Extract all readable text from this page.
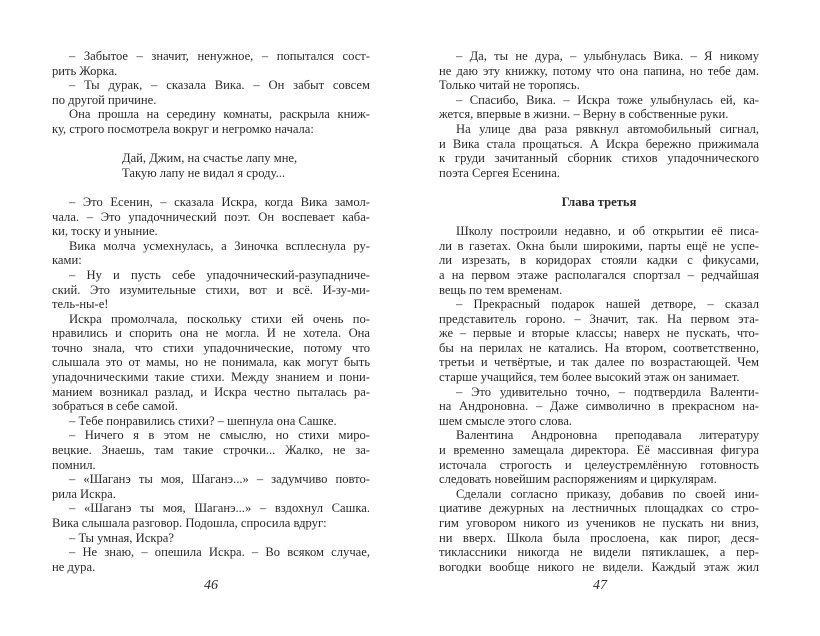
– Забытое – значит, ненужное, – попытался сост-
рить Жорка.
– Ты дурак, – сказала Вика. – Он забыт совсем
по другой причине.
Она прошла на середину комнаты, раскрыла книж-
ку, строго посмотрела вокруг и негромко начала:
Дай, Джим, на счастье лапу мне,
Такую лапу не видал я сроду...
– Это Есенин, – сказала Искра, когда Вика замол-
чала. – Это упадочнический поэт. Он воспевает каба-
ки, тоску и уныние.
Вика молча усмехнулась, а Зиночка всплеснула ру-
ками:
– Ну и пусть себе упадочнический-разупадниче-
ский. Это изумительные стихи, вот и всё. И-зу-ми-
тель-ны-е!
Искра промолчала, поскольку стихи ей очень по-
нравились и спорить она не могла. И не хотела. Она
точно знала, что стихи упадочнические, потому что
слышала это от мамы, но не понимала, как могут быть
упадочническими такие стихи. Между знанием и пони-
манием возникал разлад, и Искра честно пыталась ра-
зобраться в себе самой.
– Тебе понравились стихи? – шепнула она Сашке.
– Ничего я в этом не смыслю, но стихи миро-
вецкие. Знаешь, там такие строчки... Жалко, не за-
помнил.
– «Шаганэ ты моя, Шаганэ...» – задумчиво повто-
рила Искра.
– «Шаганэ ты моя, Шаганэ...» – вздохнул Сашка.
Вика слышала разговор. Подошла, спросила вдруг:
– Ты умная, Искра?
– Не знаю, – опешила Искра. – Во всяком случае,
не дура.
46
– Да, ты не дура, – улыбнулась Вика. – Я никому
не даю эту книжку, потому что она папина, но тебе дам.
Только читай не торопясь.
– Спасибо, Вика. – Искра тоже улыбнулась ей, ка-
жется, впервые в жизни. – Верну в собственные руки.
На улице два раза рявкнул автомобильный сигнал,
и Вика стала прощаться. А Искра бережно прижимала
к груди зачитанный сборник стихов упадочнического
поэта Сергея Есенина.
Глава третья
Школу построили недавно, и об открытии её писа-
ли в газетах. Окна были широкими, парты ещё не успе-
ли изрезать, в коридорах стояли кадки с фикусами,
а на первом этаже располагался спортзал – редчайшая
вещь по тем временам.
– Прекрасный подарок нашей детворе, – сказал
представитель гороно. – Значит, так. На первом эта-
же – первые и вторые классы; наверх не пускать, что-
бы на перилах не катались. На втором, соответственно,
третьи и четвёртые, и так далее по возрастающей. Чем
старше учащийся, тем более высокий этаж он занимает.
– Это удивительно точно, – подтвердила Валенти-
на Андроновна. – Даже символично в прекрасном на-
шем смысле этого слова.
Валентина Андроновна преподавала литературу
и временно замещала директора. Её массивная фигура
источала строгость и целеустремлённую готовность
следовать новейшим распоряжениям и циркулярам.
Сделали согласно приказу, добавив по своей ини-
циативе дежурных на лестничных площадках со стро-
гим уговором никого из учеников не пускать ни вниз,
ни вверх. Школа была прослоена, как пирог, деся-
тиклассники никогда не видели пятиклашек, а пер-
вогодки вообще никого не видели. Каждый этаж жил
47
